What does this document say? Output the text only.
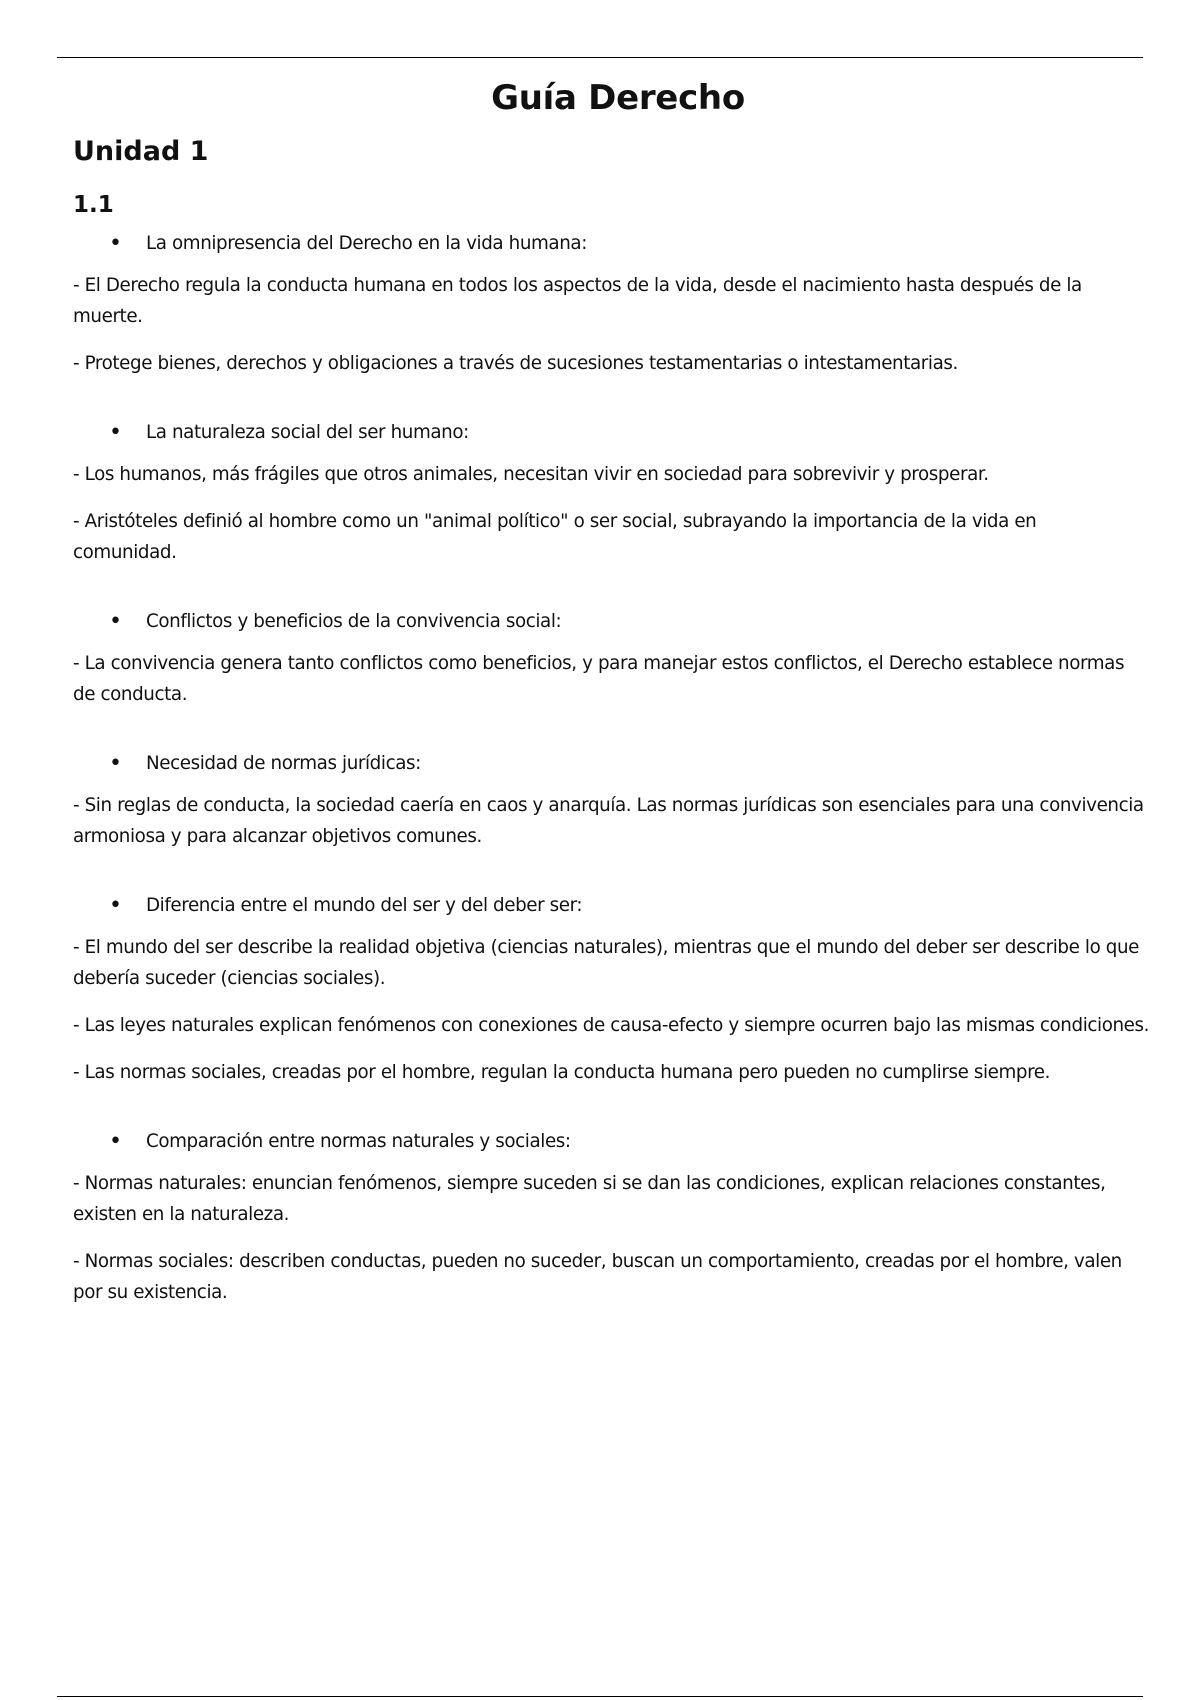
Guía Derecho
Unidad 1
1.1
•	La omnipresencia del Derecho en la vida humana:
- El Derecho regula la conducta humana en todos los aspectos de la vida, desde el nacimiento hasta después de la
muerte.
- Protege bienes, derechos y obligaciones a través de sucesiones testamentarias o intestamentarias.
•	La naturaleza social del ser humano:
- Los humanos, más frágiles que otros animales, necesitan vivir en sociedad para sobrevivir y prosperar.
- Aristóteles definió al hombre como un "animal político" o ser social, subrayando la importancia de la vida en
comunidad.
•	Conflictos y beneficios de la convivencia social:
- La convivencia genera tanto conflictos como beneficios, y para manejar estos conflictos, el Derecho establece normas
de conducta.
•	Necesidad de normas jurídicas:
- Sin reglas de conducta, la sociedad caería en caos y anarquía. Las normas jurídicas son esenciales para una convivencia
armoniosa y para alcanzar objetivos comunes.
•	Diferencia entre el mundo del ser y del deber ser:
- El mundo del ser describe la realidad objetiva (ciencias naturales), mientras que el mundo del deber ser describe lo que
debería suceder (ciencias sociales).
- Las leyes naturales explican fenómenos con conexiones de causa-efecto y siempre ocurren bajo las mismas condiciones.
- Las normas sociales, creadas por el hombre, regulan la conducta humana pero pueden no cumplirse siempre.
•	Comparación entre normas naturales y sociales:
- Normas naturales: enuncian fenómenos, siempre suceden si se dan las condiciones, explican relaciones constantes,
existen en la naturaleza.
- Normas sociales: describen conductas, pueden no suceder, buscan un comportamiento, creadas por el hombre, valen
por su existencia.
